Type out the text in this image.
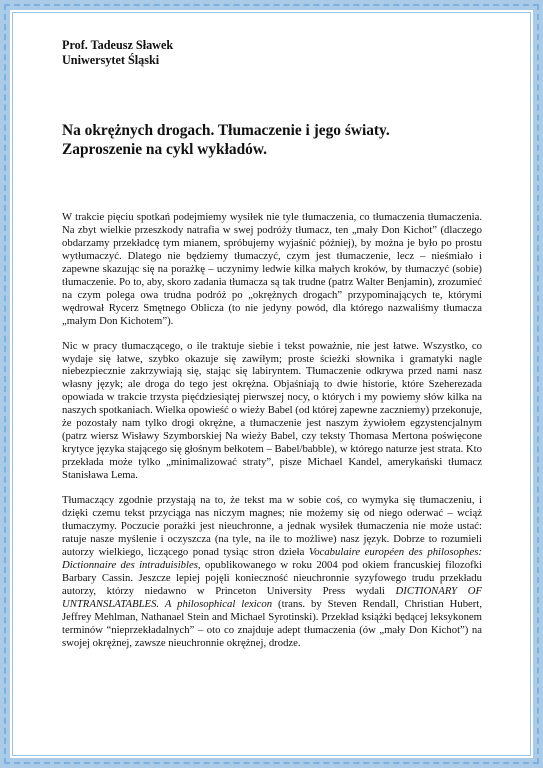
Prof. Tadeusz Sławek
Uniwersytet Śląski

Na okrężnych drogach. Tłumaczenie i jego światy.

Zaproszenie na cykl wykładów.

W trakcie pięciu spotkań podejmiemy wysiłek nie tyle tłumaczenia, co tłumaczenia tłumaczenia. Na zbyt wielkie przeszkody natrafia w swej podróży tłumacz, ten „mały Don Kichot” (dlaczego obdarzamy przekładcę tym mianem, spróbujemy wyjaśnić później), by można je było po prostu wytłumaczyć. Dlatego nie będziemy tłumaczyć, czym jest tłumaczenie, lecz – nieśmiało i zapewne skazując się na porażkę – uczynimy ledwie kilka małych kroków, by tłumaczyć (sobie) tłumaczenie. Po to, aby, skoro zadania tłumacza są tak trudne (patrz Walter Benjamin), zrozumieć na czym polega owa trudna podróż po „okrężnych drogach” przypominających te, którymi wędrował Rycerz Smętnego Oblicza (to nie jedyny powód, dla którego nazwaliśmy tłumacza „małym Don Kichotem”).

Nic w pracy tłumaczącego, o ile traktuje siebie i tekst poważnie, nie jest łatwe. Wszystko, co wydaje się łatwe, szybko okazuje się zawiłym; proste ścieżki słownika i gramatyki nagle niebezpiecznie zakrzywiają się, stając się labiryntem. Tłumaczenie odkrywa przed nami nasz własny język; ale droga do tego jest okrężna. Objaśniają to dwie historie, które Szeherezada opowiada w trakcie trzysta pięćdziesiątej pierwszej nocy, o których i my powiemy słów kilka na naszych spotkaniach. Wielka opowieść o wieży Babel (od której zapewne zaczniemy) przekonuje, że pozostały nam tylko drogi okrężne, a tłumaczenie jest naszym żywiołem egzystencjalnym (patrz wiersz Wisławy Szymborskiej Na wieży Babel, czy teksty Thomasa Mertona poświęcone krytyce języka stającego się głośnym bełkotem – Babel/babble), w którego naturze jest strata. Kto przekłada może tylko „minimalizować straty”, pisze Michael Kandel, amerykański tłumacz Stanisława Lema.

Tłumaczący zgodnie przystają na to, że tekst ma w sobie coś, co wymyka się tłumaczeniu, i dzięki czemu tekst przyciąga nas niczym magnes; nie możemy się od niego oderwać – wciąż tłumaczymy. Poczucie porażki jest nieuchronne, a jednak wysiłek tłumaczenia nie może ustać: ratuje nasze myślenie i oczyszcza (na tyle, na ile to możliwe) nasz język. Dobrze to rozumieli autorzy wielkiego, liczącego ponad tysiąc stron dzieła Vocabulaire européen des philosophes: Dictionnaire des intraduisibles, opublikowanego w roku 2004 pod okiem francuskiej filozofki Barbary Cassin. Jeszcze lepiej pojęli konieczność nieuchronnie syzyfowego trudu przekładu autorzy, którzy niedawno w Princeton University Press wydali DICTIONARY OF UNTRANSLATABLES. A philosophical lexicon (trans. by Steven Rendall, Christian Hubert, Jeffrey Mehlman, Nathanael Stein and Michael Syrotinski). Przekład książki będącej leksykonem terminów “nieprzekładalnych” – oto co znajduje adept tłumaczenia (ów „mały Don Kichot”) na swojej okrężnej, zawsze nieuchronnie okrężnej, drodze.
